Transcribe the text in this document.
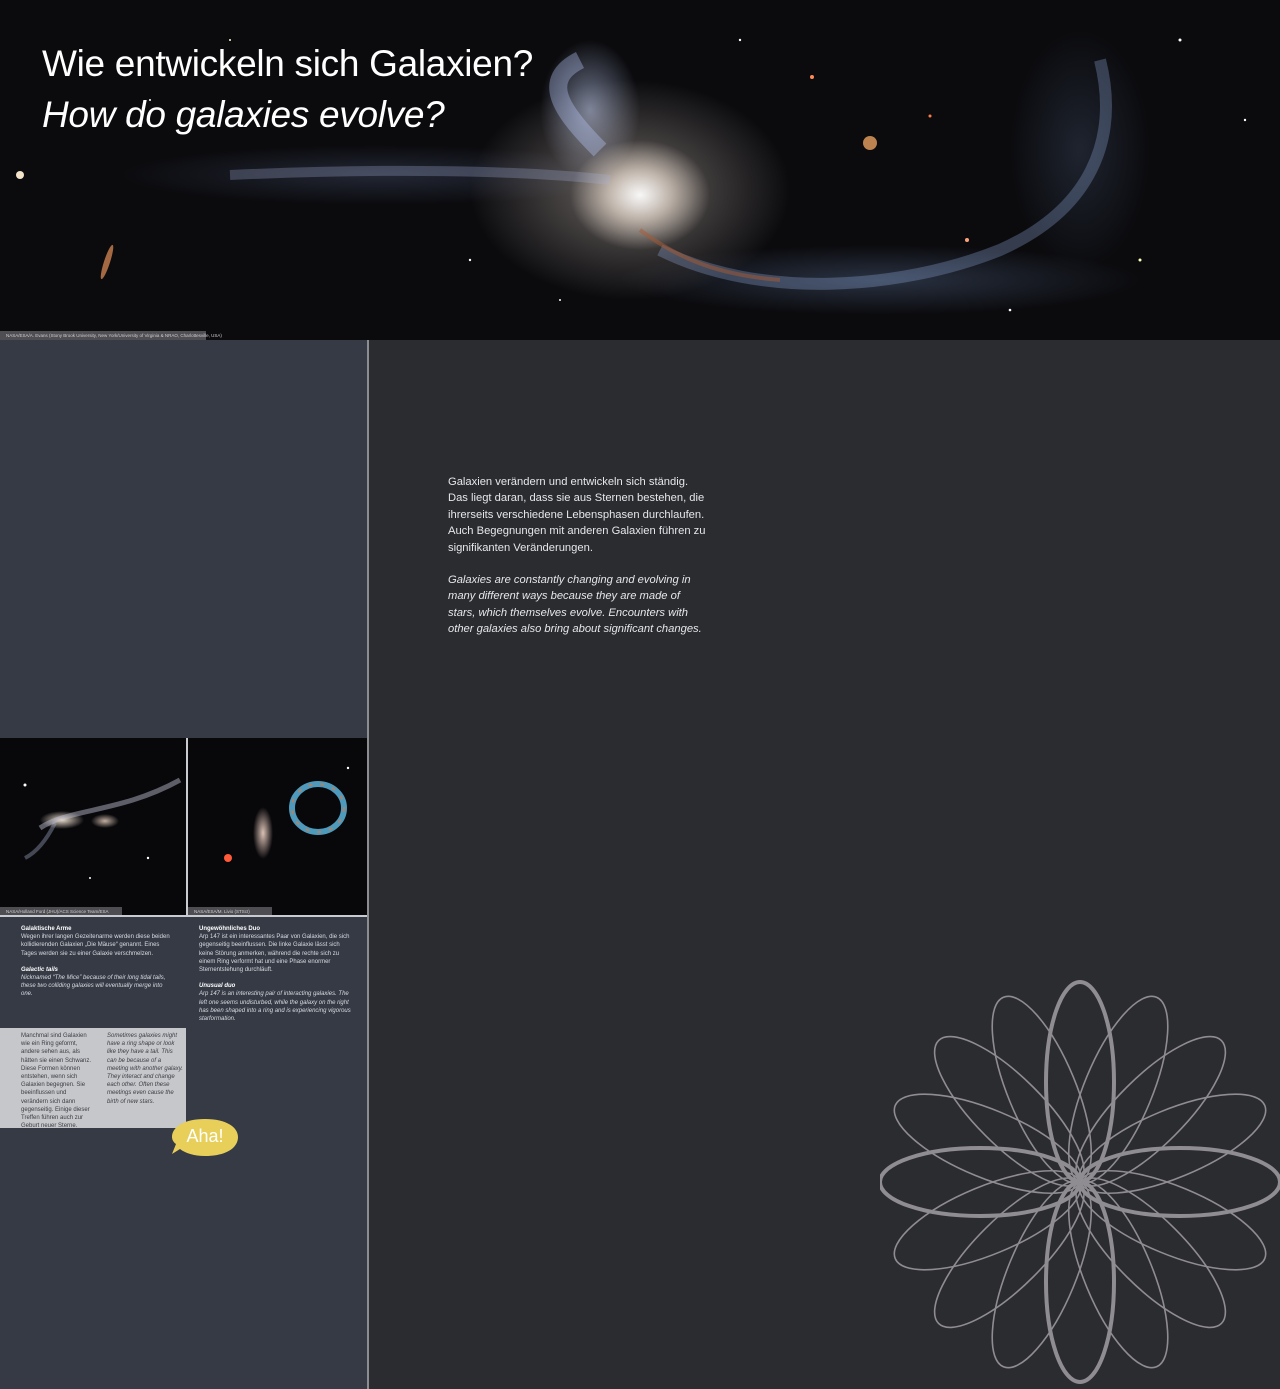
Wie entwickeln sich Galaxien?
How do galaxies evolve?
NASA/ESA/A. Evans (Stony Brook University, New York/University of Virginia & NRAO, Charlottesville, USA)
NASA/Holland Ford (JHU)/ACS Science Team/ESA	NASA/ESA/M. Livio (STScI)
Galaktische Arme
Wegen ihrer langen Gezeitenarme werden diese beiden kollidierenden Galaxien „Die Mäuse“ genannt. Eines Tages werden sie zu einer Galaxie verschmelzen.
Galactic tails
Nicknamed “The Mice” because of their long tidal tails, these two colliding galaxies will eventually merge into one.
Ungewöhnliches Duo
Arp 147 ist ein interessantes Paar von Galaxien, die sich gegenseitig beeinflussen. Die linke Galaxie lässt sich keine Störung anmerken, während die rechte sich zu einem Ring verformt hat und eine Phase enormer Sternentstehung durchläuft.
Unusual duo
Arp 147 is an interesting pair of interacting galaxies. The left one seems undisturbed, while the galaxy on the right has been shaped into a ring and is experiencing vigorous starformation.
Manchmal sind Galaxien wie ein Ring geformt, andere sehen aus, als hätten sie einen Schwanz. Diese Formen können entstehen, wenn sich Galaxien begegnen. Sie beeinflussen und verändern sich dann gegenseitig. Einige dieser Treffen führen auch zur Geburt neuer Sterne.
Sometimes galaxies might have a ring shape or look like they have a tail. This can be because of a meeting with another galaxy. They interact and change each other. Often these meetings even cause the birth of new stars.
Aha!

Galaxien verändern und entwickeln sich ständig. Das liegt daran, dass sie aus Sternen bestehen, die ihrerseits verschiedene Lebensphasen durchlaufen. Auch Begegnungen mit anderen Galaxien führen zu signifikanten Veränderungen.

Galaxies are constantly changing and evolving in many different ways because they are made of stars, which themselves evolve. Encounters with other galaxies also bring about significant changes.
